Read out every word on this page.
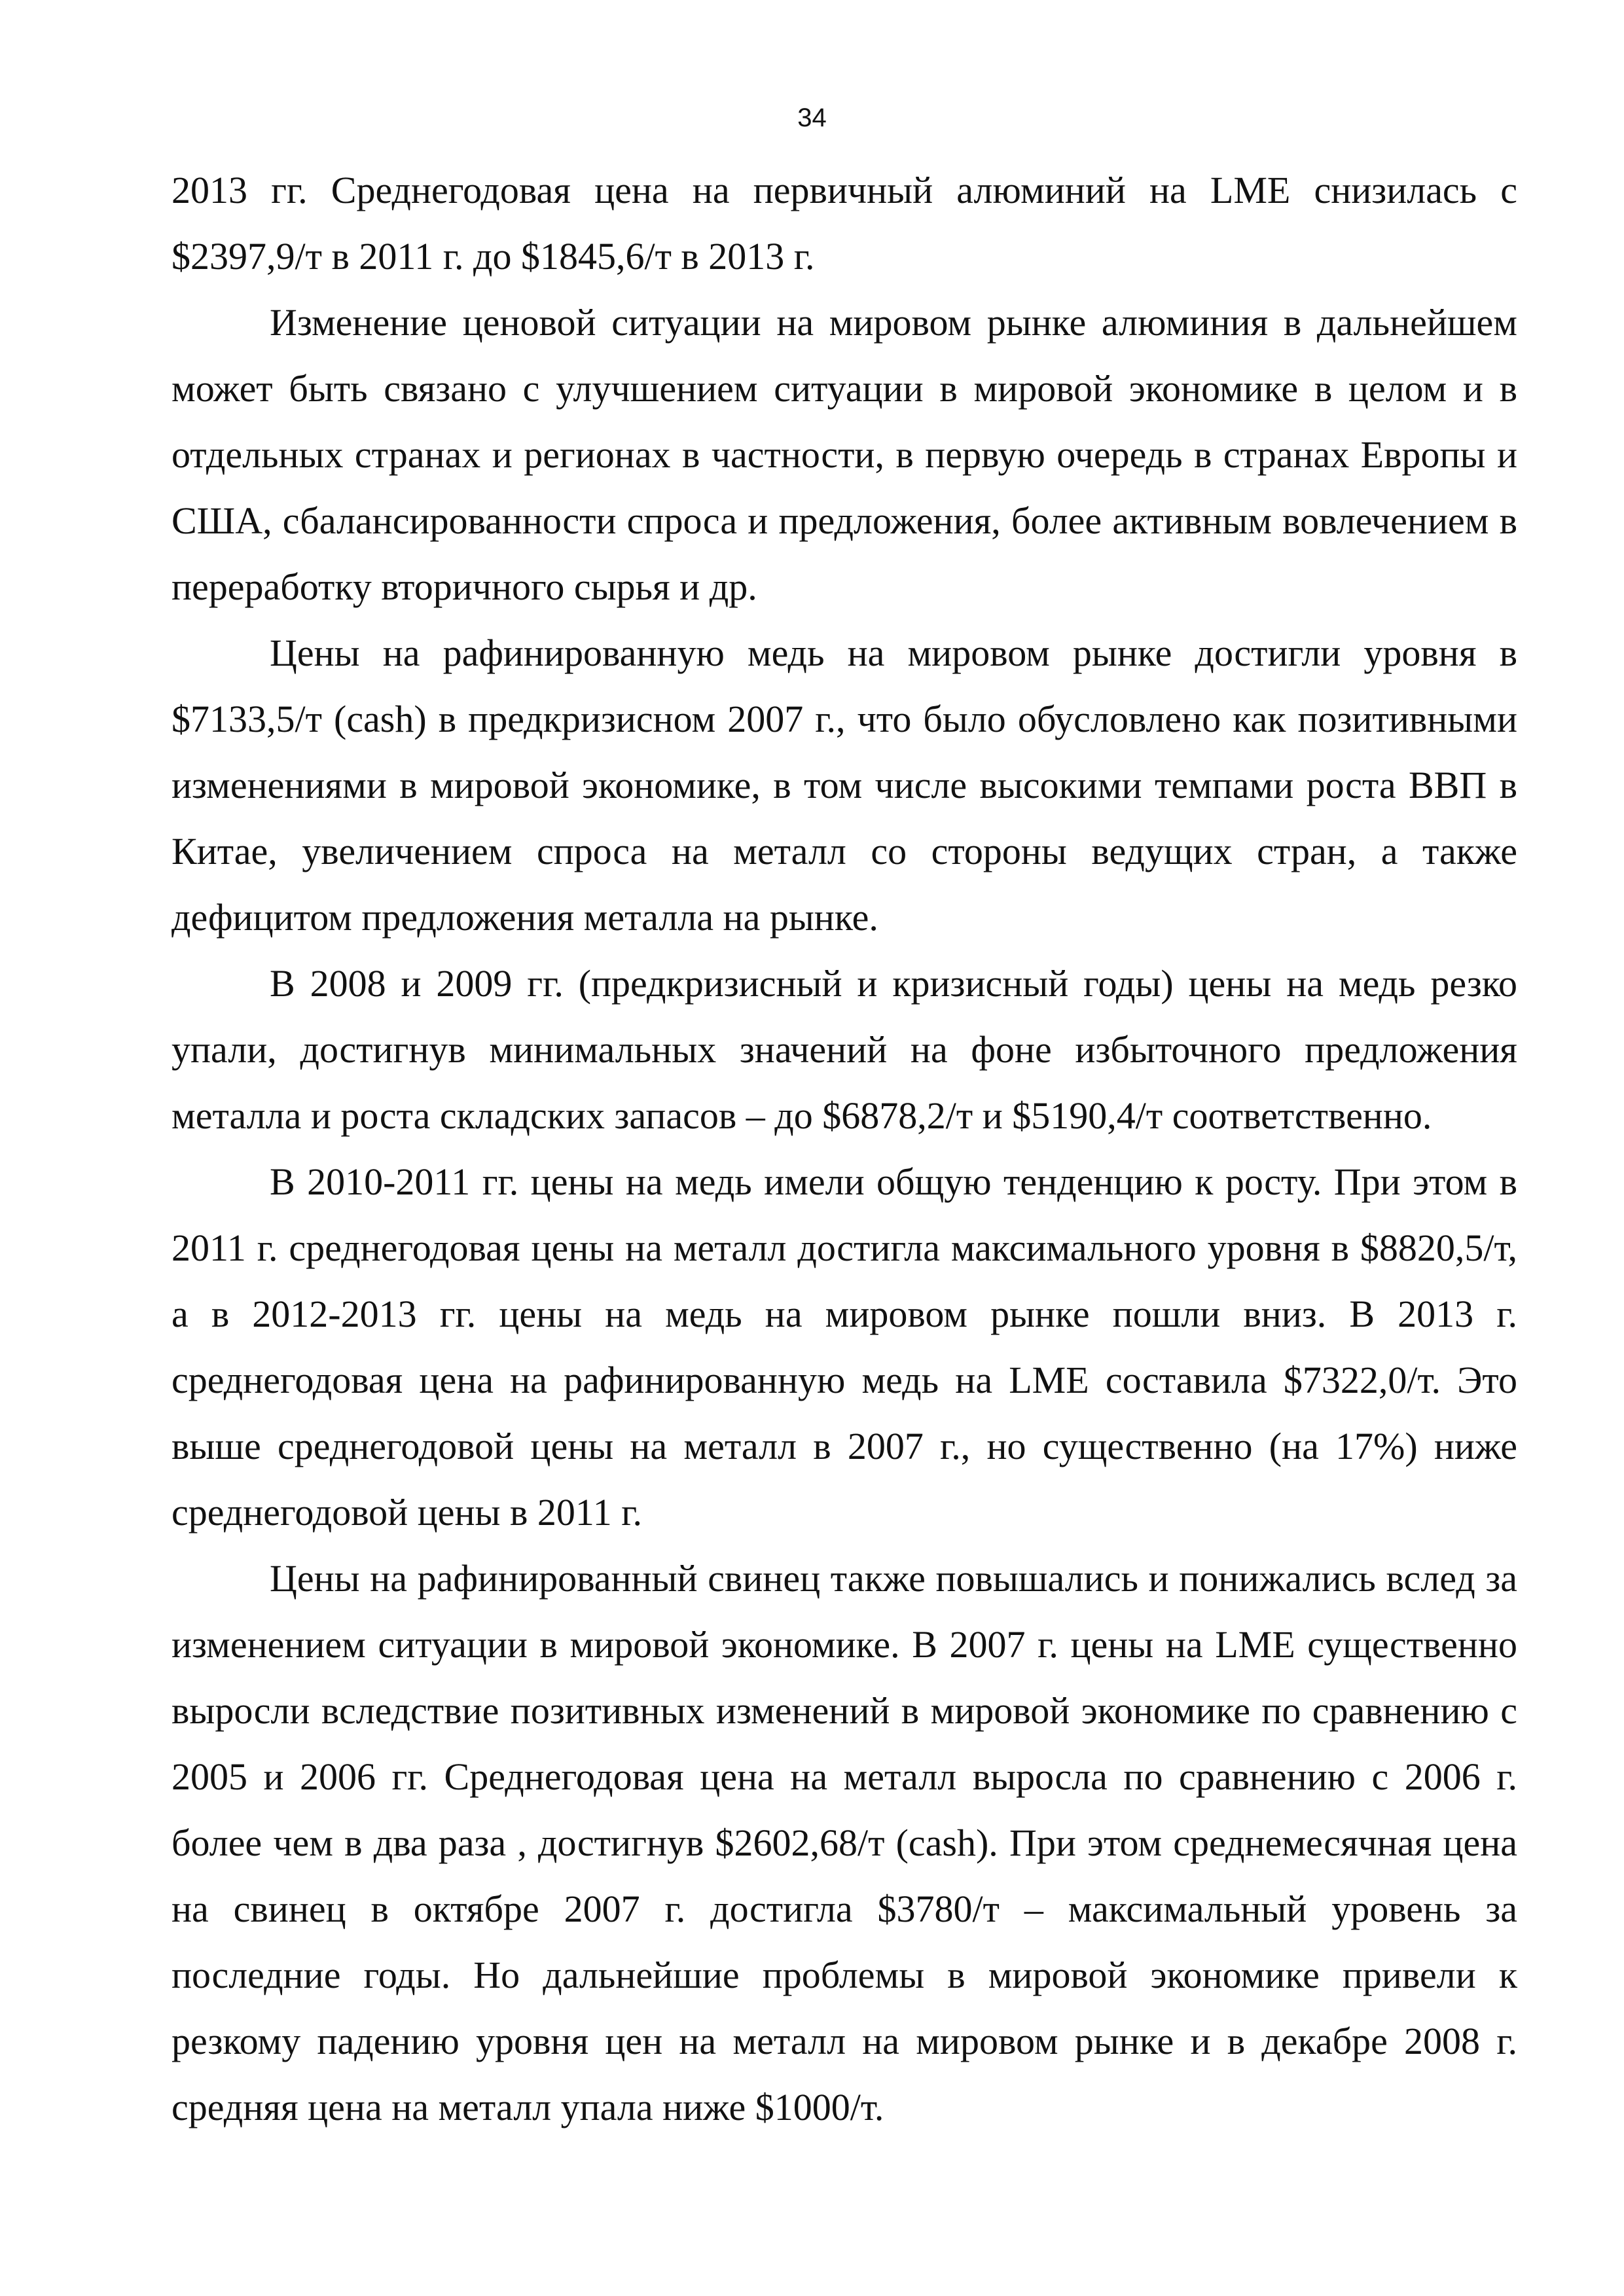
34

2013 гг. Среднегодовая цена на первичный алюминий на LME снизилась с $2397,9/т в 2011 г. до $1845,6/т в 2013 г.

Изменение ценовой ситуации на мировом рынке алюминия в дальнейшем может быть связано с улучшением ситуации в мировой экономике в целом и в отдельных странах и регионах в частности, в первую очередь в странах Европы и США, сбалансированности спроса и предложения, более активным вовлечением в переработку вторичного сырья и др.

Цены на рафинированную медь на мировом рынке достигли уровня в $7133,5/т (cash) в предкризисном 2007 г., что было обусловлено как позитивными изменениями в мировой экономике, в том числе высокими темпами роста ВВП в Китае, увеличением спроса на металл со стороны ведущих стран, а также дефицитом предложения металла на рынке.

В 2008 и 2009 гг. (предкризисный и кризисный годы) цены на медь резко упали, достигнув минимальных значений на фоне избыточного предложения металла и роста складских запасов – до $6878,2/т и $5190,4/т соответственно.

В 2010-2011 гг. цены на медь имели общую тенденцию к росту. При этом в 2011 г. среднегодовая цены на металл достигла максимального уровня в $8820,5/т, а в 2012-2013 гг. цены на медь на мировом рынке пошли вниз. В 2013 г. среднегодовая цена на рафинированную медь на LME составила $7322,0/т. Это выше среднегодовой цены на металл в 2007 г., но существенно (на 17%) ниже среднегодовой цены в 2011 г.

Цены на рафинированный свинец также повышались и понижались вслед за изменением ситуации в мировой экономике. В 2007 г. цены на LME существенно выросли вследствие позитивных изменений в мировой экономике по сравнению с 2005 и 2006 гг. Среднегодовая цена на металл выросла по сравнению с 2006 г. более чем в два раза , достигнув $2602,68/т (cash). При этом среднемесячная цена на свинец в октябре 2007 г. достигла $3780/т – максимальный уровень за последние годы. Но дальнейшие проблемы в мировой экономике привели к резкому падению уровня цен на металл на мировом рынке и в декабре 2008 г. средняя цена на металл упала ниже $1000/т.
